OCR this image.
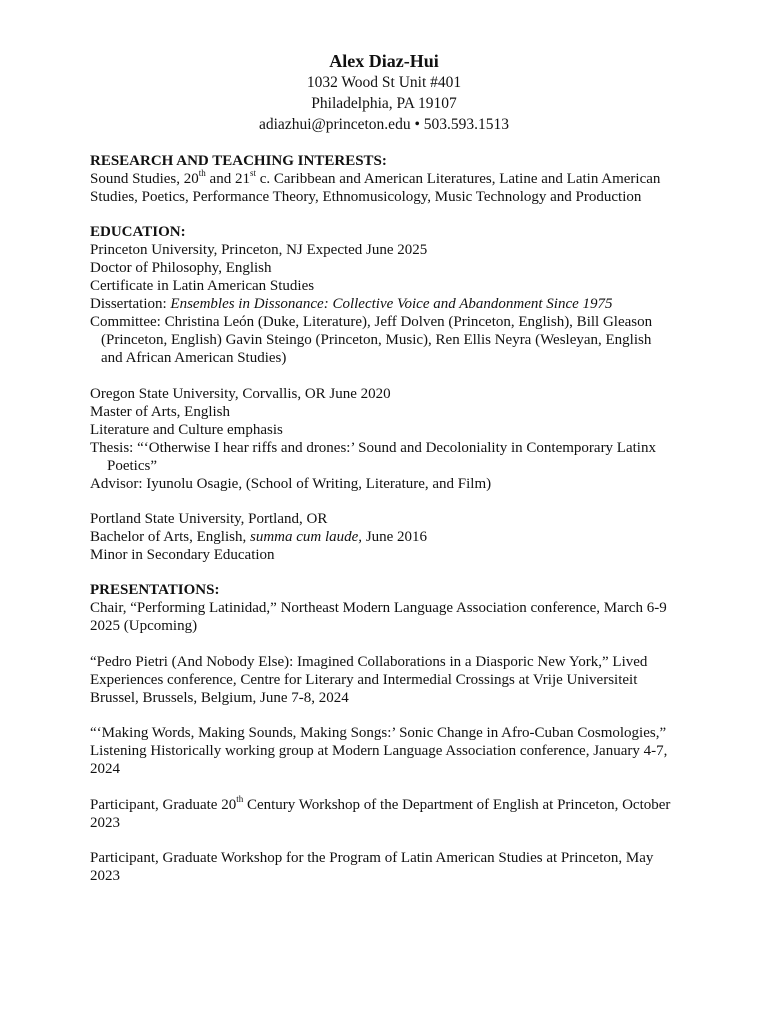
Alex Diaz-Hui
1032 Wood St Unit #401
Philadelphia, PA 19107
adiazhui@princeton.edu • 503.593.1513
RESEARCH AND TEACHING INTERESTS:
Sound Studies, 20th and 21st c. Caribbean and American Literatures, Latine and Latin American
Studies, Poetics, Performance Theory, Ethnomusicology, Music Technology and Production
EDUCATION:
Princeton University, Princeton, NJ Expected June 2025
Doctor of Philosophy, English
Certificate in Latin American Studies
Dissertation: Ensembles in Dissonance: Collective Voice and Abandonment Since 1975
Committee: Christina León (Duke, Literature), Jeff Dolven (Princeton, English), Bill Gleason
(Princeton, English) Gavin Steingo (Princeton, Music), Ren Ellis Neyra (Wesleyan, English
and African American Studies)
Oregon State University, Corvallis, OR June 2020
Master of Arts, English
Literature and Culture emphasis
Thesis: “‘Otherwise I hear riffs and drones:’ Sound and Decoloniality in Contemporary Latinx
Poetics”
Advisor: Iyunolu Osagie, (School of Writing, Literature, and Film)
Portland State University, Portland, OR
Bachelor of Arts, English, summa cum laude, June 2016
Minor in Secondary Education
PRESENTATIONS:
Chair, “Performing Latinidad,” Northeast Modern Language Association conference, March 6-9
2025 (Upcoming)
“Pedro Pietri (And Nobody Else): Imagined Collaborations in a Diasporic New York,” Lived
Experiences conference, Centre for Literary and Intermedial Crossings at Vrije Universiteit
Brussel, Brussels, Belgium, June 7-8, 2024
“‘Making Words, Making Sounds, Making Songs:’ Sonic Change in Afro-Cuban Cosmologies,”
Listening Historically working group at Modern Language Association conference, January 4-7,
2024
Participant, Graduate 20th Century Workshop of the Department of English at Princeton, October
2023
Participant, Graduate Workshop for the Program of Latin American Studies at Princeton, May
2023
